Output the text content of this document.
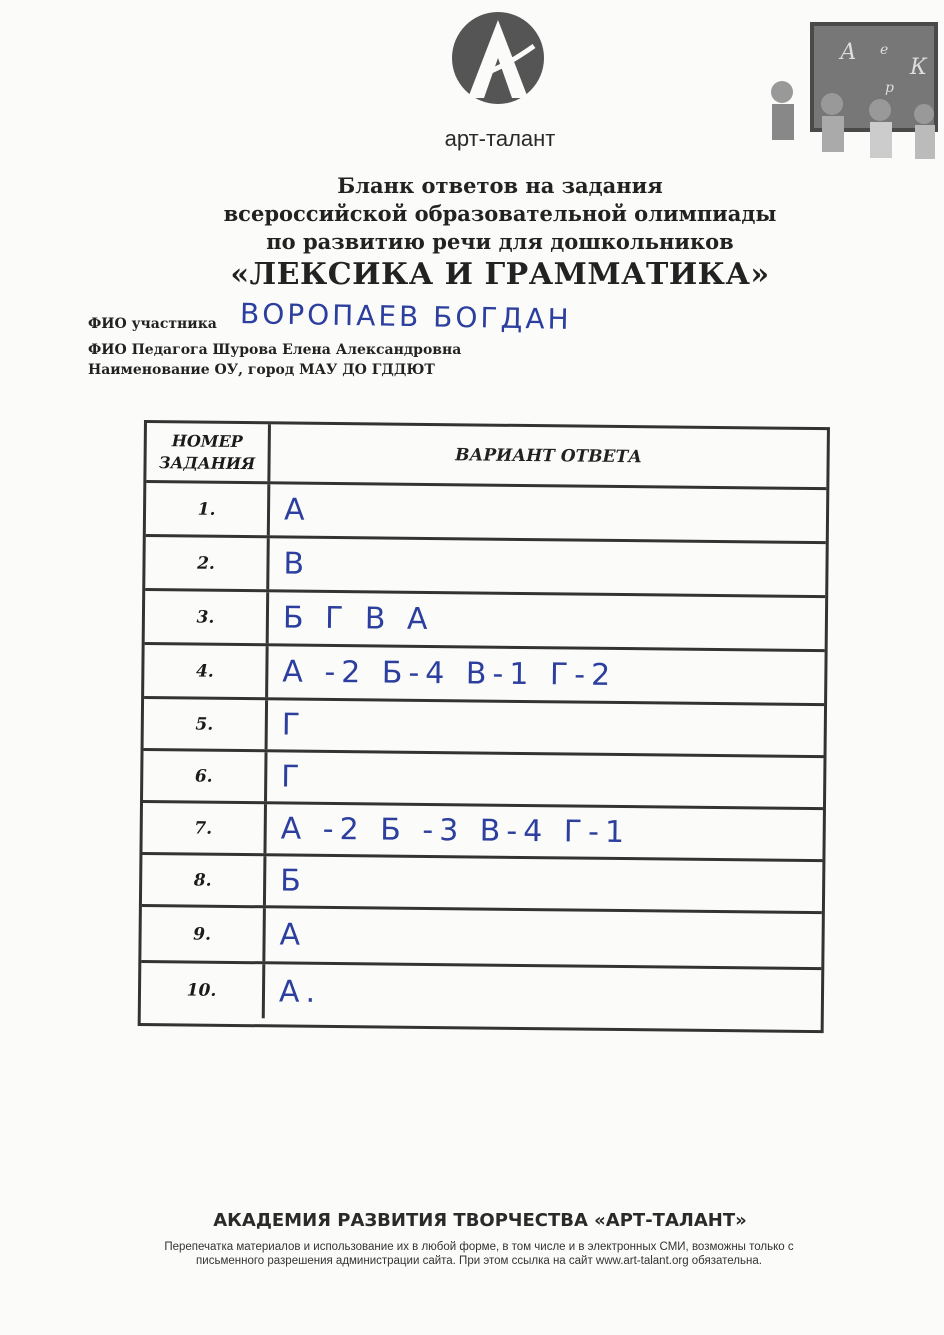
арт-талант
А е
К
р
Бланк ответов на задания
всероссийской образовательной олимпиады
по развитию речи для дошкольников
«ЛЕКСИКА И ГРАММАТИКА»
ФИО участника ВОРОПАЕВ БОГДАН
ФИО Педагога Шурова Елена Александровна
Наименование ОУ, город МАУ ДО ГДДЮТ
НОМЕР
ЗАДАНИЯ	ВАРИАНТ ОТВЕТА
1.	А
2.	В
3.	Б Г В А
4.	А -2 Б-4 В-1 Г-2
5.	Г
6.	Г
7.	А -2 Б -3 В-4 Г-1
8.	Б
9.	А
10.	А.
АКАДЕМИЯ РАЗВИТИЯ ТВОРЧЕСТВА «АРТ-ТАЛАНТ»
Перепечатка материалов и использование их в любой форме, в том числе и в электронных СМИ, возможны только с
письменного разрешения администрации сайта. При этом ссылка на сайт www.art-talant.org обязательна.
